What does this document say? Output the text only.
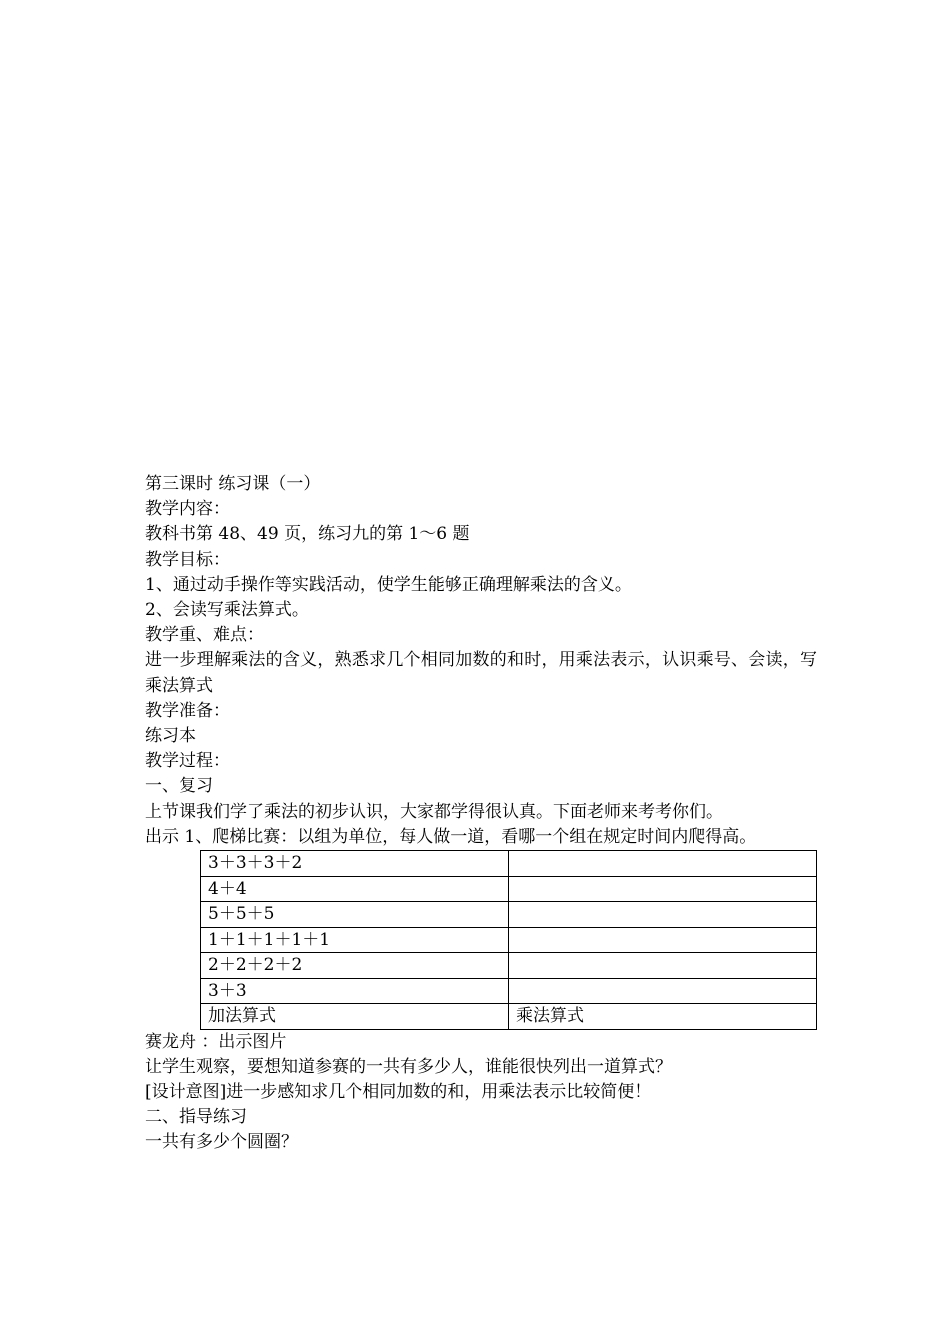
第三课时 练习课（一）

教学内容：

教科书第 48、49 页，练习九的第 1～6 题

教学目标：

1、通过动手操作等实践活动，使学生能够正确理解乘法的含义。

2、会读写乘法算式。

教学重、难点：

进一步理解乘法的含义，熟悉求几个相同加数的和时，用乘法表示，认识乘号、会读，写乘法算式

教学准备：

练习本

教学过程：

一、复习

上节课我们学了乘法的初步认识，大家都学得很认真。下面老师来考考你们。

出示 1、爬梯比赛：以组为单位，每人做一道，看哪一个组在规定时间内爬得高。

3＋3＋3＋2	
4＋4	
5＋5＋5	
1＋1＋1＋1＋1	
2＋2＋2＋2	
3＋3	
加法算式	乘法算式

赛龙舟 ：出示图片

让学生观察，要想知道参赛的一共有多少人，谁能很快列出一道算式？

[设计意图]进一步感知求几个相同加数的和，用乘法表示比较简便！

二、指导练习

一共有多少个圆圈？
